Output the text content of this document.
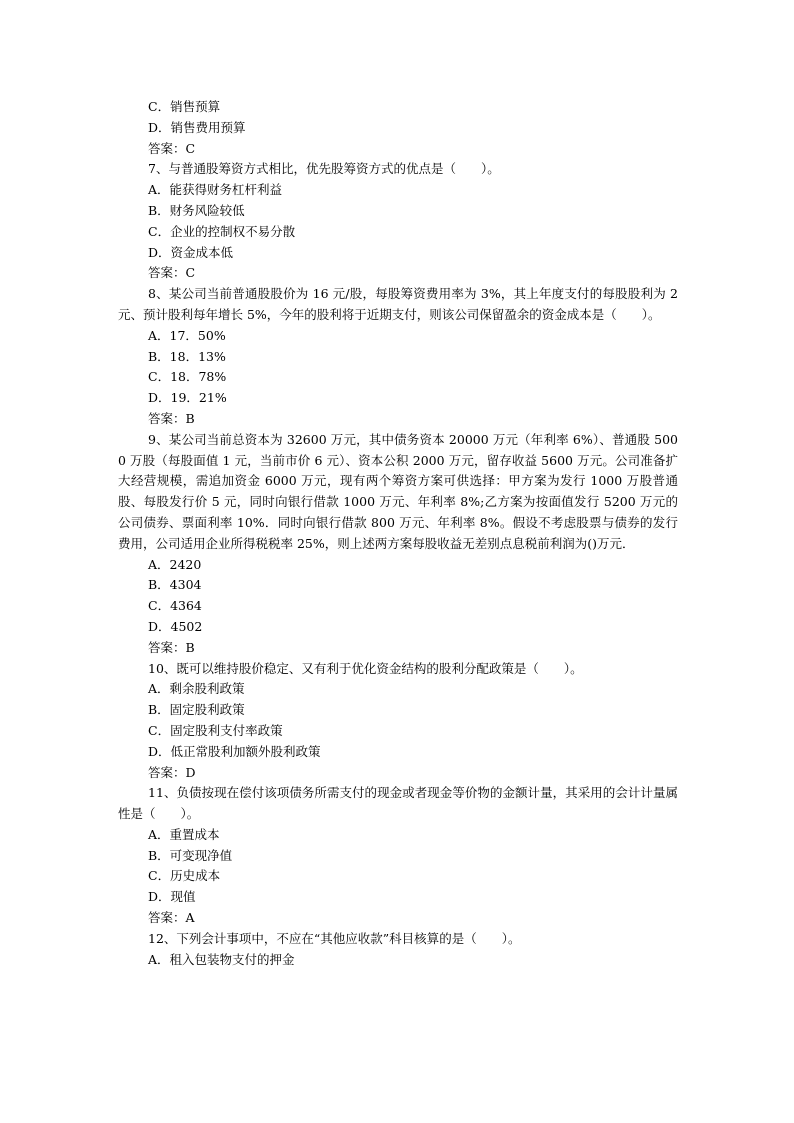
C．销售预算
D．销售费用预算
答案：C
7、与普通股筹资方式相比，优先股筹资方式的优点是（　　）。
A．能获得财务杠杆利益
B．财务风险较低
C．企业的控制权不易分散
D．资金成本低
答案：C
8、某公司当前普通股股价为 16 元/股，每股筹资费用率为 3%，其上年度支付的每股股利为 2 元、预计股利每年增长 5%，今年的股利将于近期支付，则该公司保留盈余的资金成本是（　　）。
A．17．50%
B．18．13%
C．18．78%
D．19．21%
答案：B
9、某公司当前总资本为 32600 万元，其中债务资本 20000 万元（年利率 6%）、普通股 5000 万股（每股面值 1 元，当前市价 6 元）、资本公积 2000 万元，留存收益 5600 万元。公司准备扩大经营规模，需追加资金 6000 万元，现有两个筹资方案可供选择：甲方案为发行 1000 万股普通股、每股发行价 5 元，同时向银行借款 1000 万元、年利率 8%;乙方案为按面值发行 5200 万元的公司债券、票面利率 10%．同时向银行借款 800 万元、年利率 8%。假设不考虑股票与债券的发行费用，公司适用企业所得税税率 25%，则上述两方案每股收益无差别点息税前利润为()万元．
A．2420
B．4304
C．4364
D．4502
答案：B
10、既可以维持股价稳定、又有利于优化资金结构的股利分配政策是（　　）。
A．剩余股利政策
B．固定股利政策
C．固定股利支付率政策
D．低正常股利加额外股利政策
答案：D
11、负债按现在偿付该项债务所需支付的现金或者现金等价物的金额计量，其采用的会计计量属性是（　　）。
A．重置成本
B．可变现净值
C．历史成本
D．现值
答案：A
12、下列会计事项中，不应在“其他应收款”科目核算的是（　　）。
A．租入包装物支付的押金
